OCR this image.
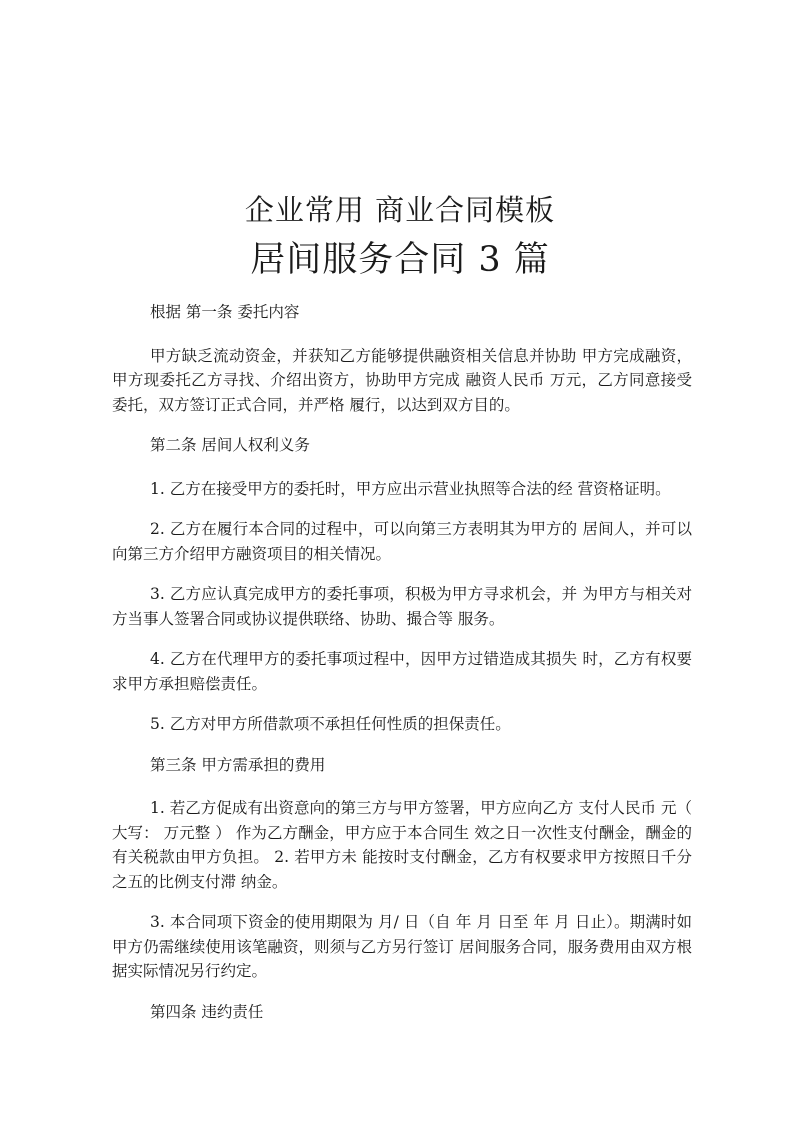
企业常用 商业合同模板
居间服务合同 3 篇

根据 第一条 委托内容

甲方缺乏流动资金，并获知乙方能够提供融资相关信息并协助 甲方完成融资，甲方现委托乙方寻找、介绍出资方，协助甲方完成 融资人民币 万元，乙方同意接受委托，双方签订正式合同，并严格 履行，以达到双方目的。

第二条 居间人权利义务

1. 乙方在接受甲方的委托时，甲方应出示营业执照等合法的经 营资格证明。

2. 乙方在履行本合同的过程中，可以向第三方表明其为甲方的 居间人，并可以向第三方介绍甲方融资项目的相关情况。

3. 乙方应认真完成甲方的委托事项，积极为甲方寻求机会，并 为甲方与相关对方当事人签署合同或协议提供联络、协助、撮合等 服务。

4. 乙方在代理甲方的委托事项过程中，因甲方过错造成其损失 时，乙方有权要求甲方承担赔偿责任。

5. 乙方对甲方所借款项不承担任何性质的担保责任。

第三条 甲方需承担的费用

1. 若乙方促成有出资意向的第三方与甲方签署，甲方应向乙方 支付人民币 元（ 大写： 万元整 ） 作为乙方酬金，甲方应于本合同生 效之日一次性支付酬金，酬金的有关税款由甲方负担。 2. 若甲方未 能按时支付酬金，乙方有权要求甲方按照日千分之五的比例支付滞 纳金。

3. 本合同项下资金的使用期限为 月/ 日（自 年 月 日至 年 月 日止）。期满时如甲方仍需继续使用该笔融资，则须与乙方另行签订 居间服务合同，服务费用由双方根据实际情况另行约定。

第四条 违约责任
